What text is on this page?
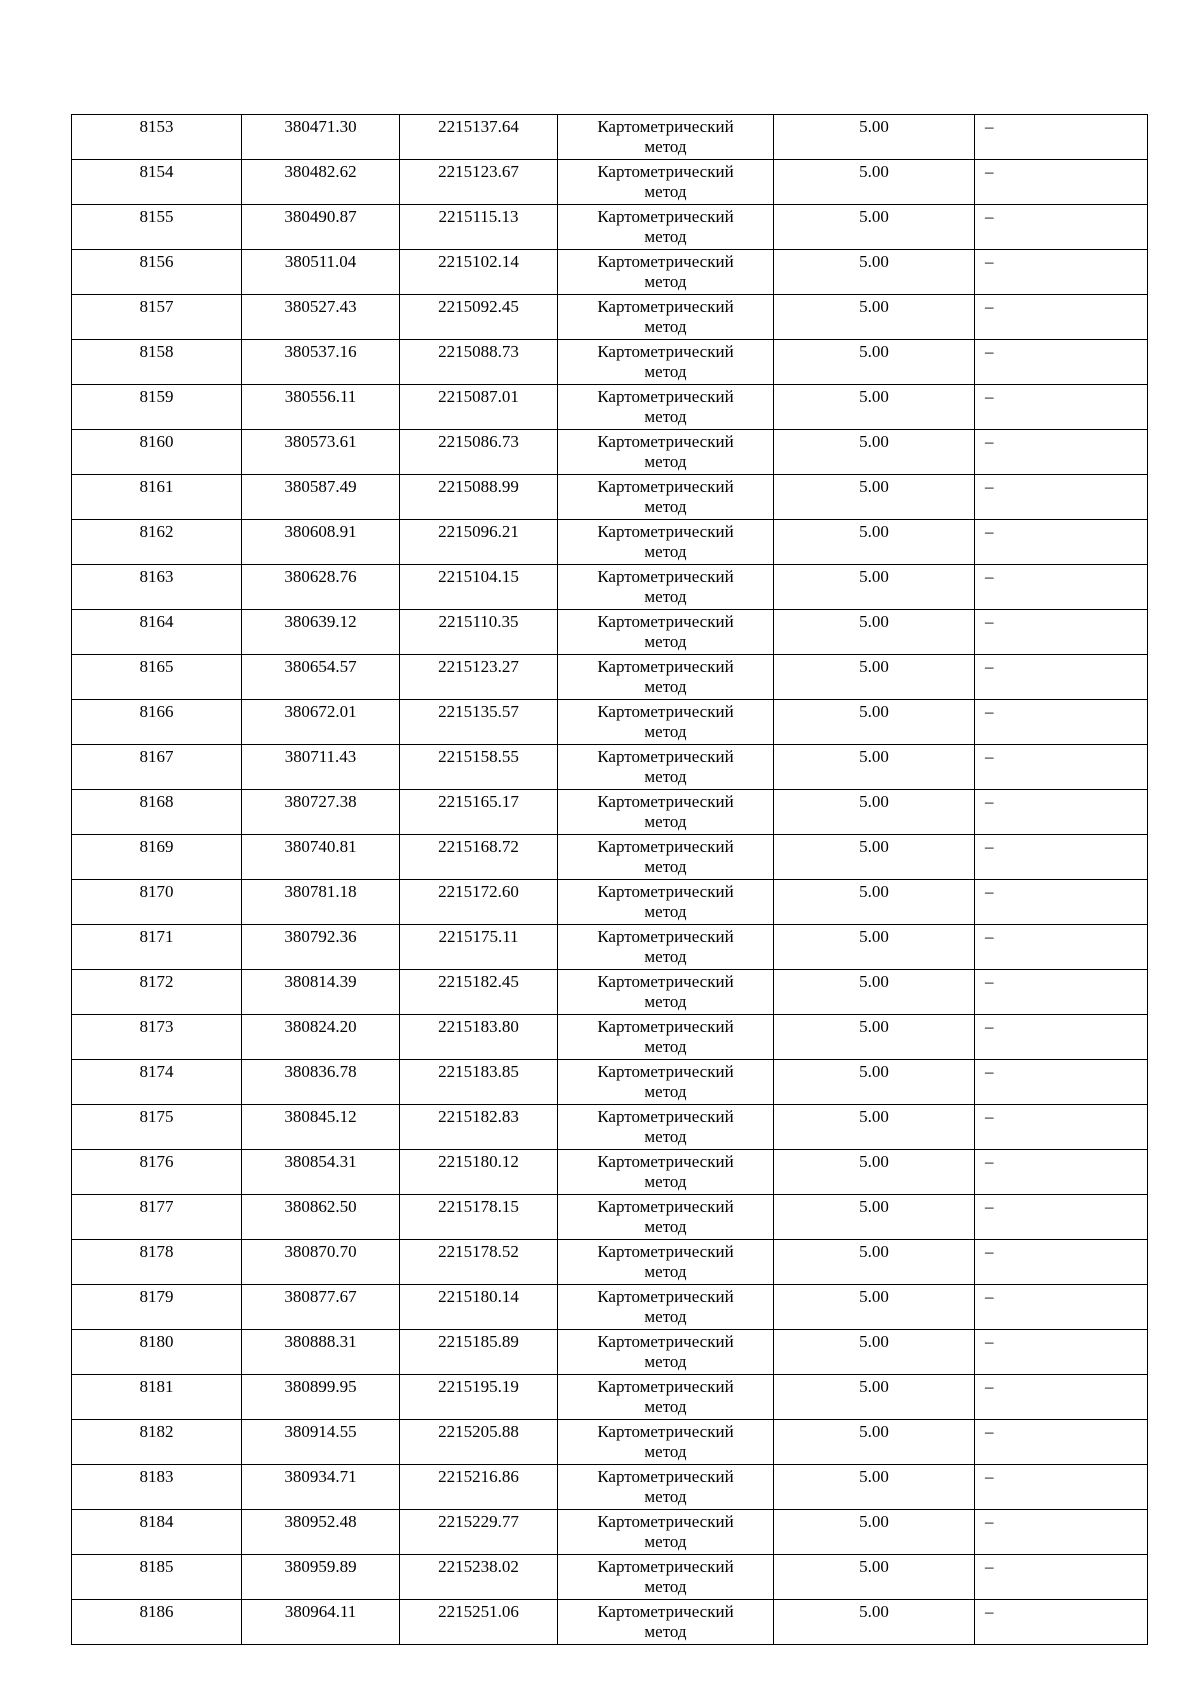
8153	380471.30	2215137.64	Картометрический
метод	5.00	–
8154	380482.62	2215123.67	Картометрический
метод	5.00	–
8155	380490.87	2215115.13	Картометрический
метод	5.00	–
8156	380511.04	2215102.14	Картометрический
метод	5.00	–
8157	380527.43	2215092.45	Картометрический
метод	5.00	–
8158	380537.16	2215088.73	Картометрический
метод	5.00	–
8159	380556.11	2215087.01	Картометрический
метод	5.00	–
8160	380573.61	2215086.73	Картометрический
метод	5.00	–
8161	380587.49	2215088.99	Картометрический
метод	5.00	–
8162	380608.91	2215096.21	Картометрический
метод	5.00	–
8163	380628.76	2215104.15	Картометрический
метод	5.00	–
8164	380639.12	2215110.35	Картометрический
метод	5.00	–
8165	380654.57	2215123.27	Картометрический
метод	5.00	–
8166	380672.01	2215135.57	Картометрический
метод	5.00	–
8167	380711.43	2215158.55	Картометрический
метод	5.00	–
8168	380727.38	2215165.17	Картометрический
метод	5.00	–
8169	380740.81	2215168.72	Картометрический
метод	5.00	–
8170	380781.18	2215172.60	Картометрический
метод	5.00	–
8171	380792.36	2215175.11	Картометрический
метод	5.00	–
8172	380814.39	2215182.45	Картометрический
метод	5.00	–
8173	380824.20	2215183.80	Картометрический
метод	5.00	–
8174	380836.78	2215183.85	Картометрический
метод	5.00	–
8175	380845.12	2215182.83	Картометрический
метод	5.00	–
8176	380854.31	2215180.12	Картометрический
метод	5.00	–
8177	380862.50	2215178.15	Картометрический
метод	5.00	–
8178	380870.70	2215178.52	Картометрический
метод	5.00	–
8179	380877.67	2215180.14	Картометрический
метод	5.00	–
8180	380888.31	2215185.89	Картометрический
метод	5.00	–
8181	380899.95	2215195.19	Картометрический
метод	5.00	–
8182	380914.55	2215205.88	Картометрический
метод	5.00	–
8183	380934.71	2215216.86	Картометрический
метод	5.00	–
8184	380952.48	2215229.77	Картометрический
метод	5.00	–
8185	380959.89	2215238.02	Картометрический
метод	5.00	–
8186	380964.11	2215251.06	Картометрический
метод	5.00	–
